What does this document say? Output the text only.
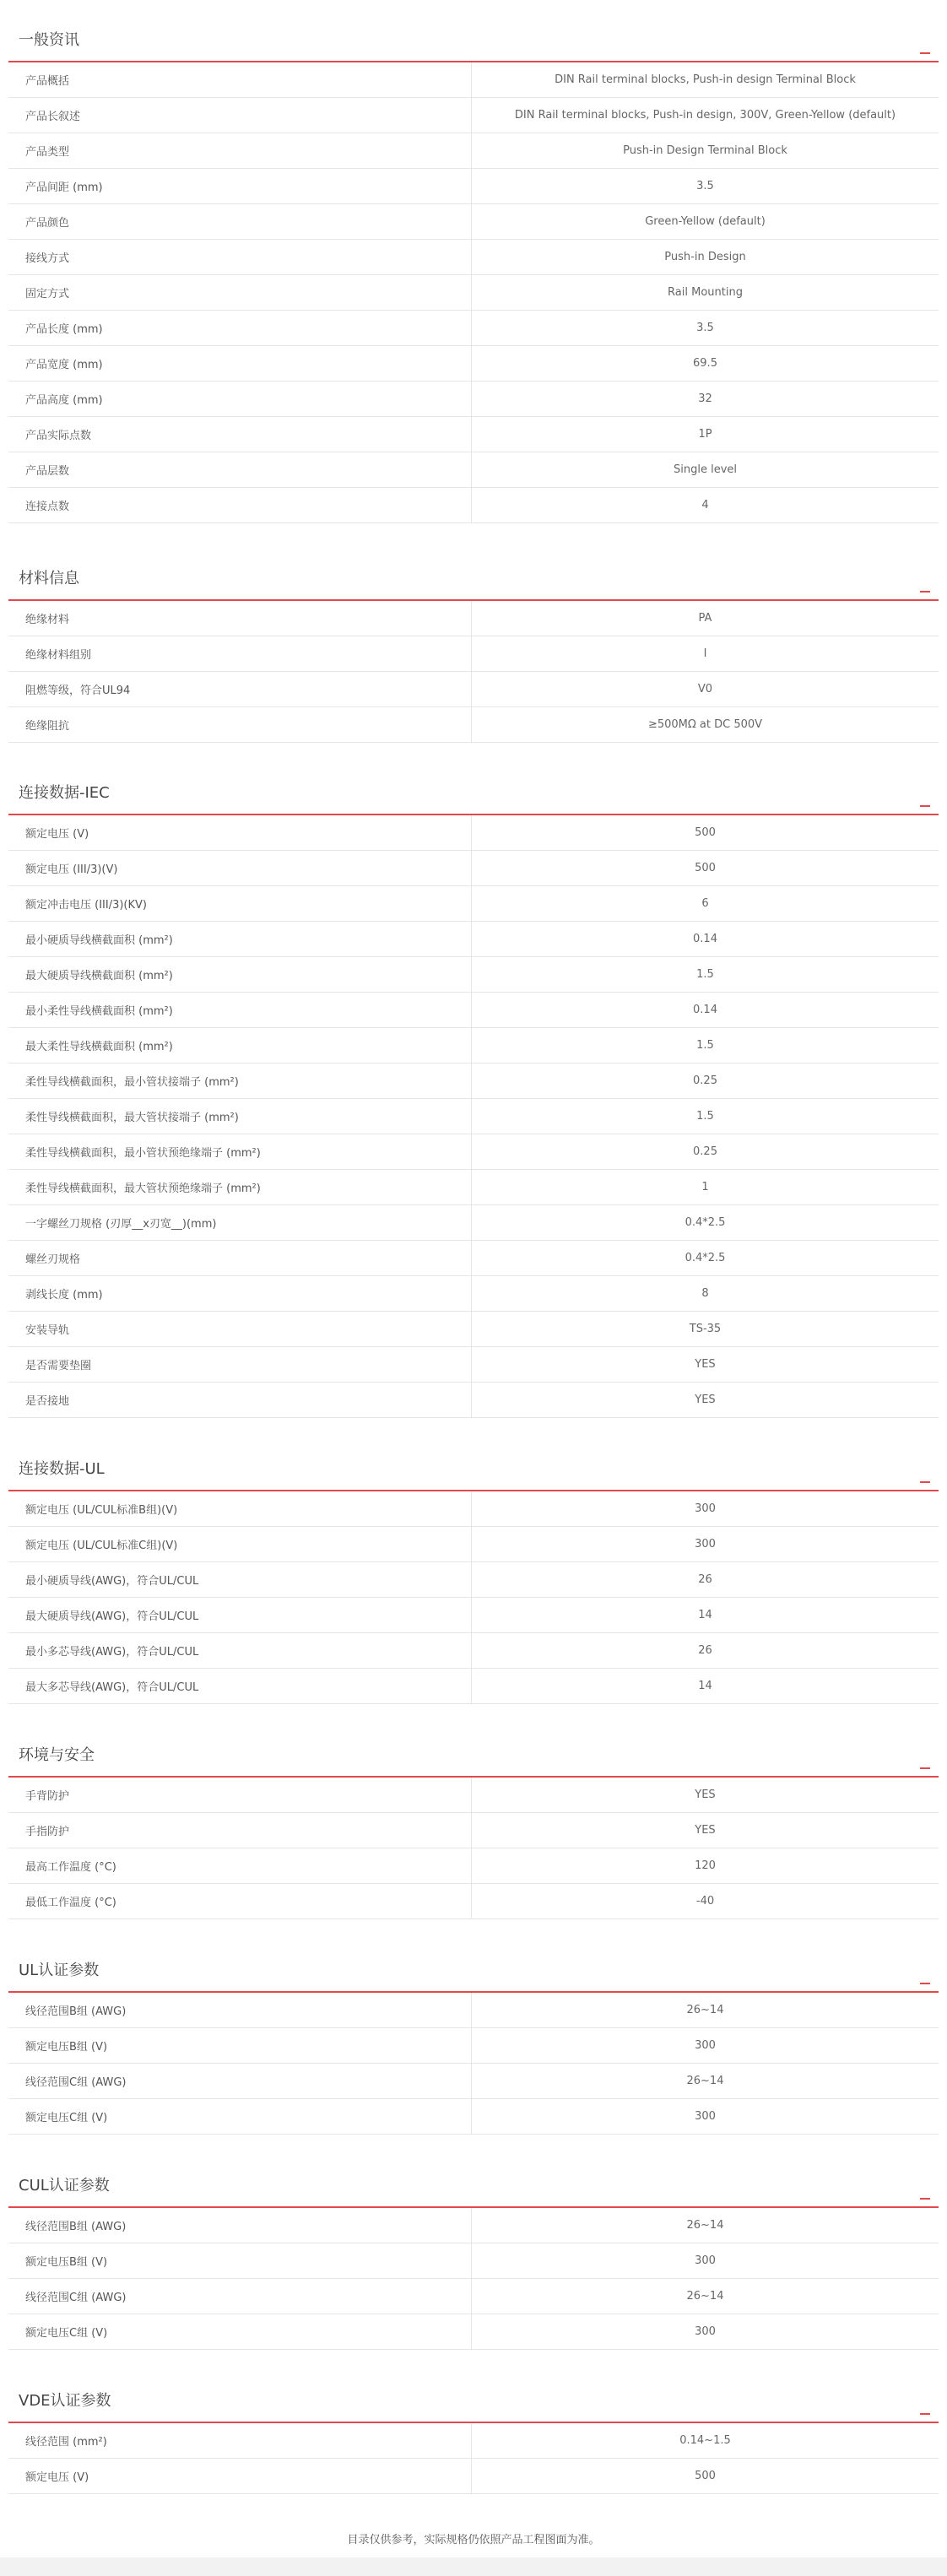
一般资讯
产品概括	DIN Rail terminal blocks, Push-in design Terminal Block
产品长叙述	DIN Rail terminal blocks, Push-in design, 300V, Green-Yellow (default)
产品类型	Push-in Design Terminal Block
产品间距 (mm)	3.5
产品颜色	Green-Yellow (default)
接线方式	Push-in Design
固定方式	Rail Mounting
产品长度 (mm)	3.5
产品宽度 (mm)	69.5
产品高度 (mm)	32
产品实际点数	1P
产品层数	Single level
连接点数	4
材料信息
绝缘材料	PA
绝缘材料组别	I
阻燃等级，符合UL94	V0
绝缘阻抗	≥500MΩ at DC 500V
连接数据-IEC
额定电压 (V)	500
额定电压 (III/3)(V)	500
额定冲击电压 (III/3)(KV)	6
最小硬质导线横截面积 (mm²)	0.14
最大硬质导线横截面积 (mm²)	1.5
最小柔性导线横截面积 (mm²)	0.14
最大柔性导线横截面积 (mm²)	1.5
柔性导线横截面积，最小管状接端子 (mm²)	0.25
柔性导线横截面积，最大管状接端子 (mm²)	1.5
柔性导线横截面积，最小管状预绝缘端子 (mm²)	0.25
柔性导线横截面积，最大管状预绝缘端子 (mm²)	1
一字螺丝刀规格 (刃厚__x刃宽__)(mm)	0.4*2.5
螺丝刃规格	0.4*2.5
剥线长度 (mm)	8
安装导轨	TS-35
是否需要垫圈	YES
是否接地	YES
连接数据-UL
额定电压 (UL/CUL标准B组)(V)	300
额定电压 (UL/CUL标准C组)(V)	300
最小硬质导线(AWG)，符合UL/CUL	26
最大硬质导线(AWG)，符合UL/CUL	14
最小多芯导线(AWG)，符合UL/CUL	26
最大多芯导线(AWG)，符合UL/CUL	14
环境与安全
手背防护	YES
手指防护	YES
最高工作温度 (°C)	120
最低工作温度 (°C)	-40
UL认证参数
线径范围B组 (AWG)	26~14
额定电压B组 (V)	300
线径范围C组 (AWG)	26~14
额定电压C组 (V)	300
CUL认证参数
线径范围B组 (AWG)	26~14
额定电压B组 (V)	300
线径范围C组 (AWG)	26~14
额定电压C组 (V)	300
VDE认证参数
线径范围 (mm²)	0.14~1.5
额定电压 (V)	500
目录仅供参考，实际规格仍依照产品工程图面为准。
